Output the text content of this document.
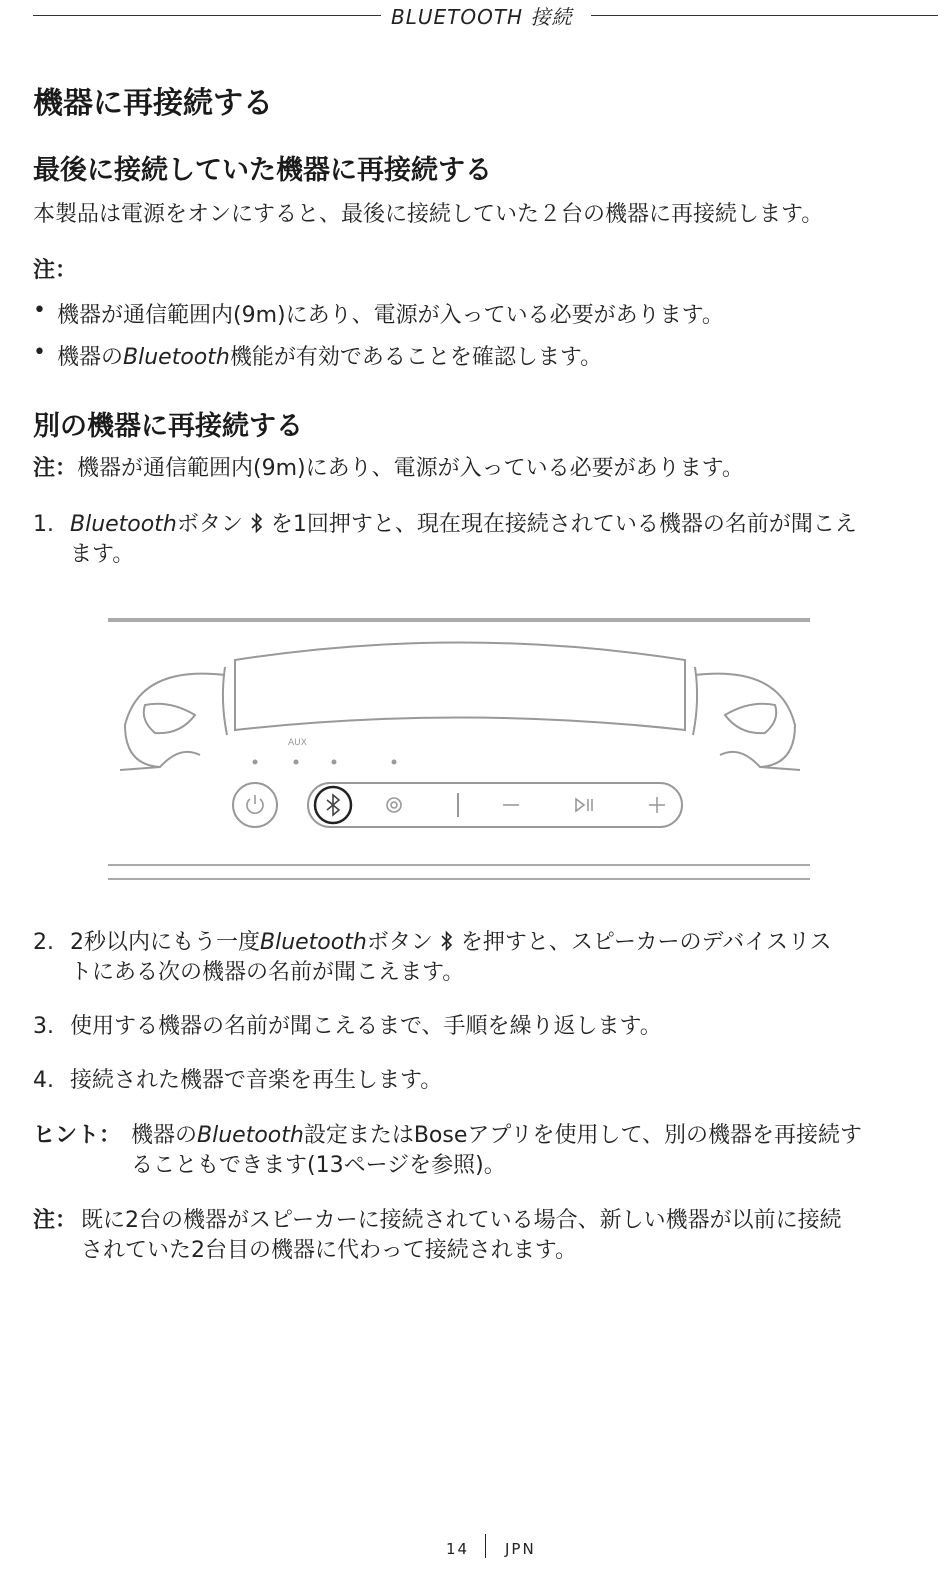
BLUETOOTH 接続
機器に再接続する
最後に接続していた機器に再接続する
本製品は電源をオンにすると、最後に接続していた２台の機器に再接続します。
注：
• 機器が通信範囲内(9m)にあり、電源が入っている必要があります。
• 機器のBluetooth機能が有効であることを確認します。
別の機器に再接続する
注：機器が通信範囲内(9m)にあり、電源が入っている必要があります。
1. Bluetoothボタン を1回押すと、現在現在接続されている機器の名前が聞こえ
ます。
AUX
2. 2秒以内にもう一度Bluetoothボタン を押すと、スピーカーのデバイスリス
トにある次の機器の名前が聞こえます。
3. 使用する機器の名前が聞こえるまで、手順を繰り返します。
4. 接続された機器で音楽を再生します。
ヒント： 機器のBluetooth設定またはBoseアプリを使用して、別の機器を再接続す
ることもできます(13ページを参照)。
注： 既に2台の機器がスピーカーに接続されている場合、新しい機器が以前に接続
されていた2台目の機器に代わって接続されます。
14 JPN
